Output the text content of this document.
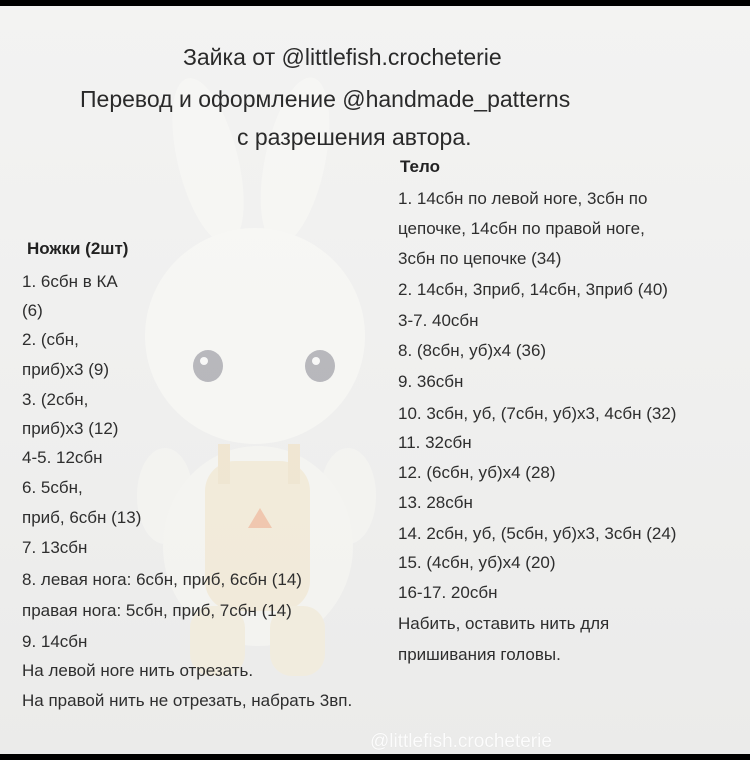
Зайка от @littlefish.crocheterie
Перевод и оформление @handmade_patterns
с разрешения автора.
Ножки (2шт)
1. 6сбн в КА
(6)
2. (сбн,
приб)х3 (9)
3. (2сбн,
приб)х3 (12)
4-5. 12сбн
6. 5сбн,
приб, 6сбн (13)
7. 13сбн
8. левая нога: 6сбн, приб, 6сбн (14)
правая нога: 5сбн, приб, 7сбн (14)
9. 14сбн
На левой ноге нить отрезать.
На правой нить не отрезать, набрать 3вп.
Тело
1. 14сбн по левой ноге, 3сбн по
цепочке, 14сбн по правой ноге,
3сбн по цепочке (34)
2. 14сбн, 3приб, 14сбн, 3приб (40)
3-7. 40сбн
8. (8сбн, уб)х4 (36)
9. 36сбн
10. 3сбн, уб, (7сбн, уб)х3, 4сбн (32)
11. 32сбн
12. (6сбн, уб)х4 (28)
13. 28сбн
14. 2сбн, уб, (5сбн, уб)х3, 3сбн (24)
15. (4сбн, уб)х4 (20)
16-17. 20сбн
Набить, оставить нить для
пришивания головы.
@littlefish.crocheterie
